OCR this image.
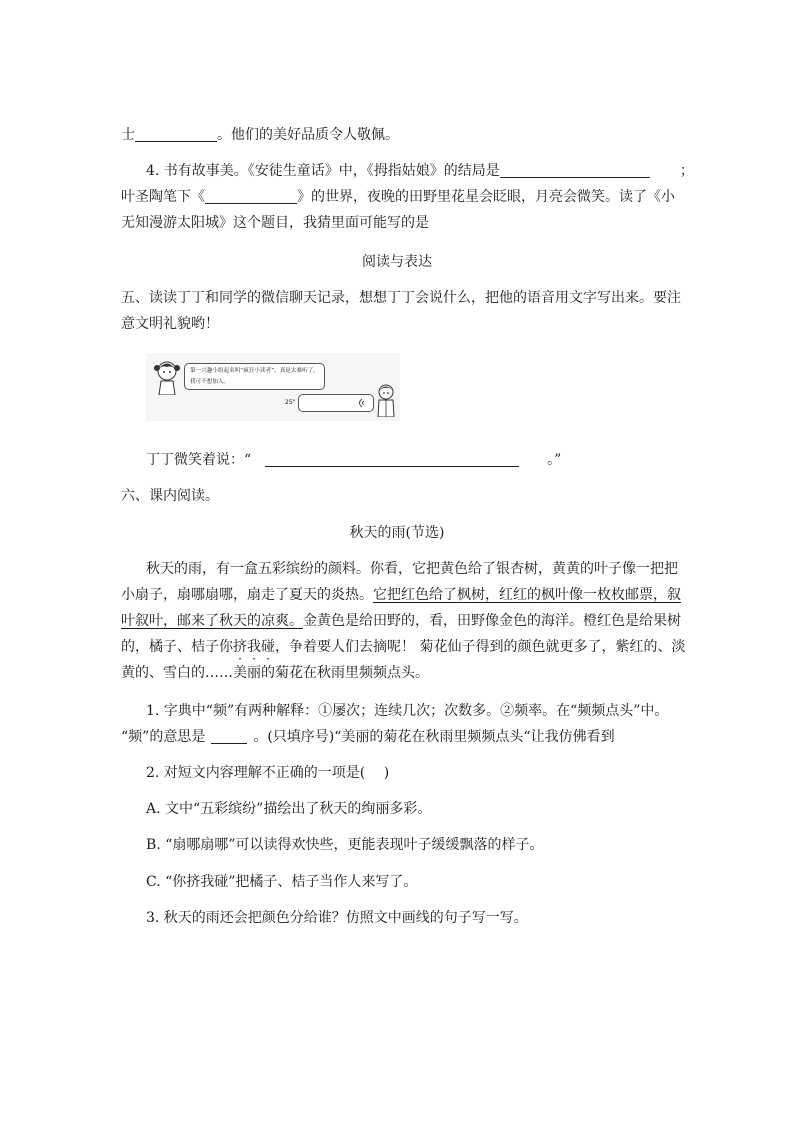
士	。他们的美好品质令人敬佩。
4. 书有故事美。《安徒生童话》中，《拇指姑娘》的结局是	；
叶圣陶笔下《	》的世界，夜晚的田野里花星会眨眼，月亮会微笑。读了《小
无知漫游太阳城》这个题目，我猜里面可能写的是
阅读与表达
五、读读丁丁和同学的微信聊天记录，想想丁丁会说什么，把他的语音用文字写出来。要注
意文明礼貌哟！
第一兴趣小组起名叫“疯狂小读者”，真是太难听了。
我可不想加入。
25"
丁丁微笑着说：“	。”
六、课内阅读。
秋天的雨(节选)
秋天的雨，有一盒五彩缤纷的颜料。你看，它把黄色给了银杏树，黄黄的叶子像一把把
小扇子，扇哪扇哪，扇走了夏天的炎热。它把红色给了枫树，红红的枫叶像一枚枚邮票，叙
叶叙叶，邮来了秋天的凉爽。金黄色是给田野的，看，田野像金色的海洋。橙红色是给果树
的，橘子、桔子你挤我碰，争着要人们去摘呢！ 菊花仙子得到的颜色就更多了，紫红的、淡
黄的、雪白的……美丽的菊花在秋雨里频频点头。
1. 字典中“频”有两种解释：①屡次；连续几次；次数多。②频率。在“频频点头”中。
“频”的意思是	。(只填序号)“美丽的菊花在秋雨里频频点头“让我仿佛看到
2. 对短文内容理解不正确的一项是(　 )
A. 文中“五彩缤纷”描绘出了秋天的绚丽多彩。
B. “扇哪扇哪”可以读得欢快些，更能表现叶子缓缓飘落的样子。
C. “你挤我碰”把橘子、桔子当作人来写了。
3. 秋天的雨还会把颜色分给谁？仿照文中画线的句子写一写。
